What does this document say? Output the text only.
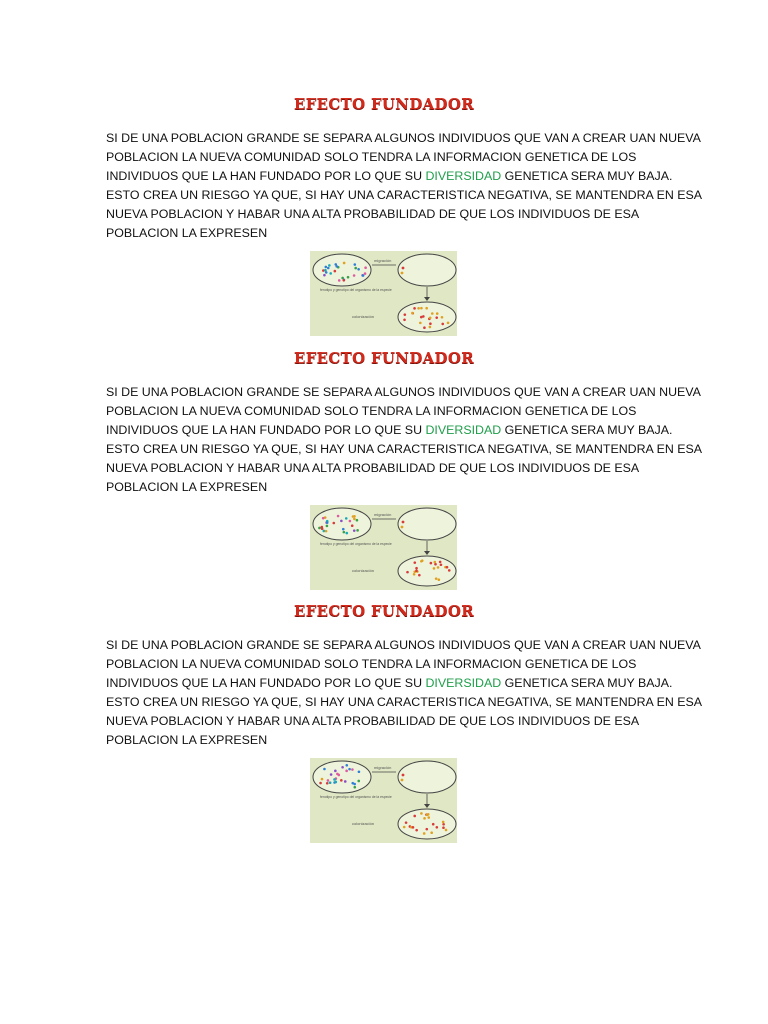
EFECTO FUNDADOR
SI DE UNA POBLACION GRANDE SE SEPARA ALGUNOS INDIVIDUOS QUE VAN A CREAR UAN NUEVA
POBLACION LA NUEVA COMUNIDAD SOLO TENDRA LA INFORMACION GENETICA DE LOS
INDIVIDUOS QUE LA HAN FUNDADO POR LO QUE SU DIVERSIDAD GENETICA SERA MUY BAJA.
ESTO CREA UN RIESGO YA QUE, SI HAY UNA CARACTERISTICA NEGATIVA, SE MANTENDRA EN ESA
NUEVA POBLACION Y HABAR UNA ALTA PROBABILIDAD DE QUE LOS INDIVIDUOS DE ESA
POBLACION LA EXPRESEN
migración
fenotipo y genotipo del organismo de la especie
colonización
EFECTO FUNDADOR
SI DE UNA POBLACION GRANDE SE SEPARA ALGUNOS INDIVIDUOS QUE VAN A CREAR UAN NUEVA
POBLACION LA NUEVA COMUNIDAD SOLO TENDRA LA INFORMACION GENETICA DE LOS
INDIVIDUOS QUE LA HAN FUNDADO POR LO QUE SU DIVERSIDAD GENETICA SERA MUY BAJA.
ESTO CREA UN RIESGO YA QUE, SI HAY UNA CARACTERISTICA NEGATIVA, SE MANTENDRA EN ESA
NUEVA POBLACION Y HABAR UNA ALTA PROBABILIDAD DE QUE LOS INDIVIDUOS DE ESA
POBLACION LA EXPRESEN
migración
fenotipo y genotipo del organismo de la especie
colonización
EFECTO FUNDADOR
SI DE UNA POBLACION GRANDE SE SEPARA ALGUNOS INDIVIDUOS QUE VAN A CREAR UAN NUEVA
POBLACION LA NUEVA COMUNIDAD SOLO TENDRA LA INFORMACION GENETICA DE LOS
INDIVIDUOS QUE LA HAN FUNDADO POR LO QUE SU DIVERSIDAD GENETICA SERA MUY BAJA.
ESTO CREA UN RIESGO YA QUE, SI HAY UNA CARACTERISTICA NEGATIVA, SE MANTENDRA EN ESA
NUEVA POBLACION Y HABAR UNA ALTA PROBABILIDAD DE QUE LOS INDIVIDUOS DE ESA
POBLACION LA EXPRESEN
migración
fenotipo y genotipo del organismo de la especie
colonización
